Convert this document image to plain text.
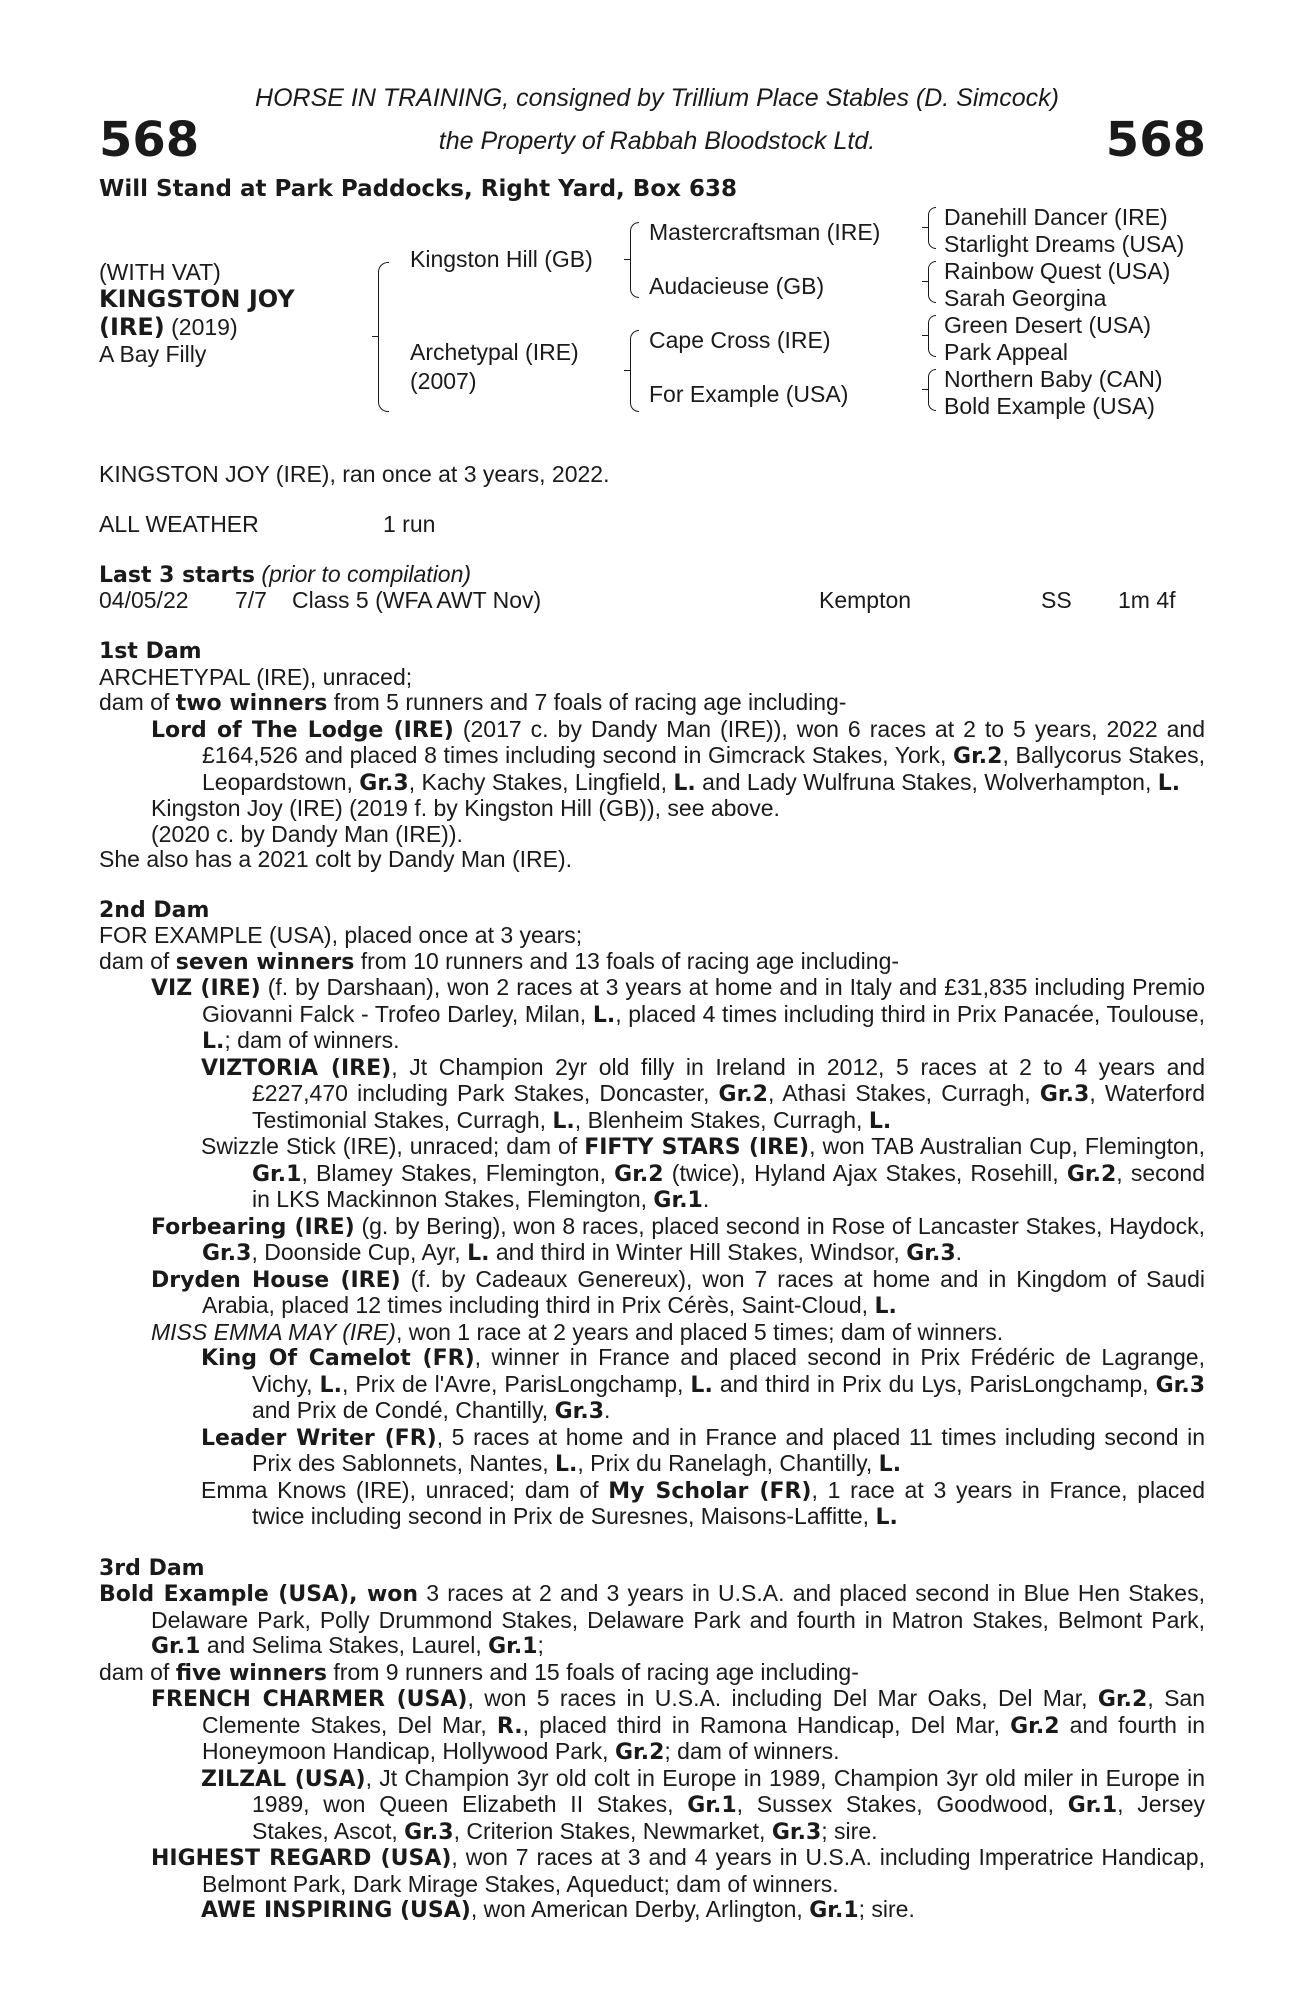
568	568
HORSE IN TRAINING, consigned by Trillium Place Stables (D. Simcock)
the Property of Rabbah Bloodstock Ltd.
Will Stand at Park Paddocks, Right Yard, Box 638
(WITH VAT)
KINGSTON JOY
(IRE) (2019)
A Bay Filly
Kingston Hill (GB)
Archetypal (IRE)
(2007)
Mastercraftsman (IRE)
Audacieuse (GB)
Cape Cross (IRE)
For Example (USA)
Danehill Dancer (IRE)
Starlight Dreams (USA)
Rainbow Quest (USA)
Sarah Georgina
Green Desert (USA)
Park Appeal
Northern Baby (CAN)
Bold Example (USA)
KINGSTON JOY (IRE), ran once at 3 years, 2022.
ALL WEATHER	1 run
Last 3 starts (prior to compilation)
04/05/22 7/7 Class 5 (WFA AWT Nov)	Kempton	SS 1m 4f
1st Dam
ARCHETYPAL (IRE), unraced;
dam of two winners from 5 runners and 7 foals of racing age including-
Lord of The Lodge (IRE) (2017 c. by Dandy Man (IRE)), won 6 races at 2 to 5 years, 2022 and £164,526 and placed 8 times including second in Gimcrack Stakes, York, Gr.2, Ballycorus Stakes, Leopardstown, Gr.3, Kachy Stakes, Lingfield, L. and Lady Wulfruna Stakes, Wolverhampton, L.
Kingston Joy (IRE) (2019 f. by Kingston Hill (GB)), see above.
(2020 c. by Dandy Man (IRE)).
She also has a 2021 colt by Dandy Man (IRE).
2nd Dam
FOR EXAMPLE (USA), placed once at 3 years;
dam of seven winners from 10 runners and 13 foals of racing age including-
VIZ (IRE) (f. by Darshaan), won 2 races at 3 years at home and in Italy and £31,835 including Premio Giovanni Falck - Trofeo Darley, Milan, L., placed 4 times including third in Prix Panacée, Toulouse, L.; dam of winners.
VIZTORIA (IRE), Jt Champion 2yr old filly in Ireland in 2012, 5 races at 2 to 4 years and £227,470 including Park Stakes, Doncaster, Gr.2, Athasi Stakes, Curragh, Gr.3, Waterford Testimonial Stakes, Curragh, L., Blenheim Stakes, Curragh, L.
Swizzle Stick (IRE), unraced; dam of FIFTY STARS (IRE), won TAB Australian Cup, Flemington, Gr.1, Blamey Stakes, Flemington, Gr.2 (twice), Hyland Ajax Stakes, Rosehill, Gr.2, second in LKS Mackinnon Stakes, Flemington, Gr.1.
Forbearing (IRE) (g. by Bering), won 8 races, placed second in Rose of Lancaster Stakes, Haydock, Gr.3, Doonside Cup, Ayr, L. and third in Winter Hill Stakes, Windsor, Gr.3.
Dryden House (IRE) (f. by Cadeaux Genereux), won 7 races at home and in Kingdom of Saudi Arabia, placed 12 times including third in Prix Cérès, Saint-Cloud, L.
MISS EMMA MAY (IRE), won 1 race at 2 years and placed 5 times; dam of winners.
King Of Camelot (FR), winner in France and placed second in Prix Frédéric de Lagrange, Vichy, L., Prix de l'Avre, ParisLongchamp, L. and third in Prix du Lys, ParisLongchamp, Gr.3 and Prix de Condé, Chantilly, Gr.3.
Leader Writer (FR), 5 races at home and in France and placed 11 times including second in Prix des Sablonnets, Nantes, L., Prix du Ranelagh, Chantilly, L.
Emma Knows (IRE), unraced; dam of My Scholar (FR), 1 race at 3 years in France, placed twice including second in Prix de Suresnes, Maisons-Laffitte, L.
3rd Dam
Bold Example (USA), won 3 races at 2 and 3 years in U.S.A. and placed second in Blue Hen Stakes, Delaware Park, Polly Drummond Stakes, Delaware Park and fourth in Matron Stakes, Belmont Park, Gr.1 and Selima Stakes, Laurel, Gr.1;
dam of five winners from 9 runners and 15 foals of racing age including-
FRENCH CHARMER (USA), won 5 races in U.S.A. including Del Mar Oaks, Del Mar, Gr.2, San Clemente Stakes, Del Mar, R., placed third in Ramona Handicap, Del Mar, Gr.2 and fourth in Honeymoon Handicap, Hollywood Park, Gr.2; dam of winners.
ZILZAL (USA), Jt Champion 3yr old colt in Europe in 1989, Champion 3yr old miler in Europe in 1989, won Queen Elizabeth II Stakes, Gr.1, Sussex Stakes, Goodwood, Gr.1, Jersey Stakes, Ascot, Gr.3, Criterion Stakes, Newmarket, Gr.3; sire.
HIGHEST REGARD (USA), won 7 races at 3 and 4 years in U.S.A. including Imperatrice Handicap, Belmont Park, Dark Mirage Stakes, Aqueduct; dam of winners.
AWE INSPIRING (USA), won American Derby, Arlington, Gr.1; sire.
